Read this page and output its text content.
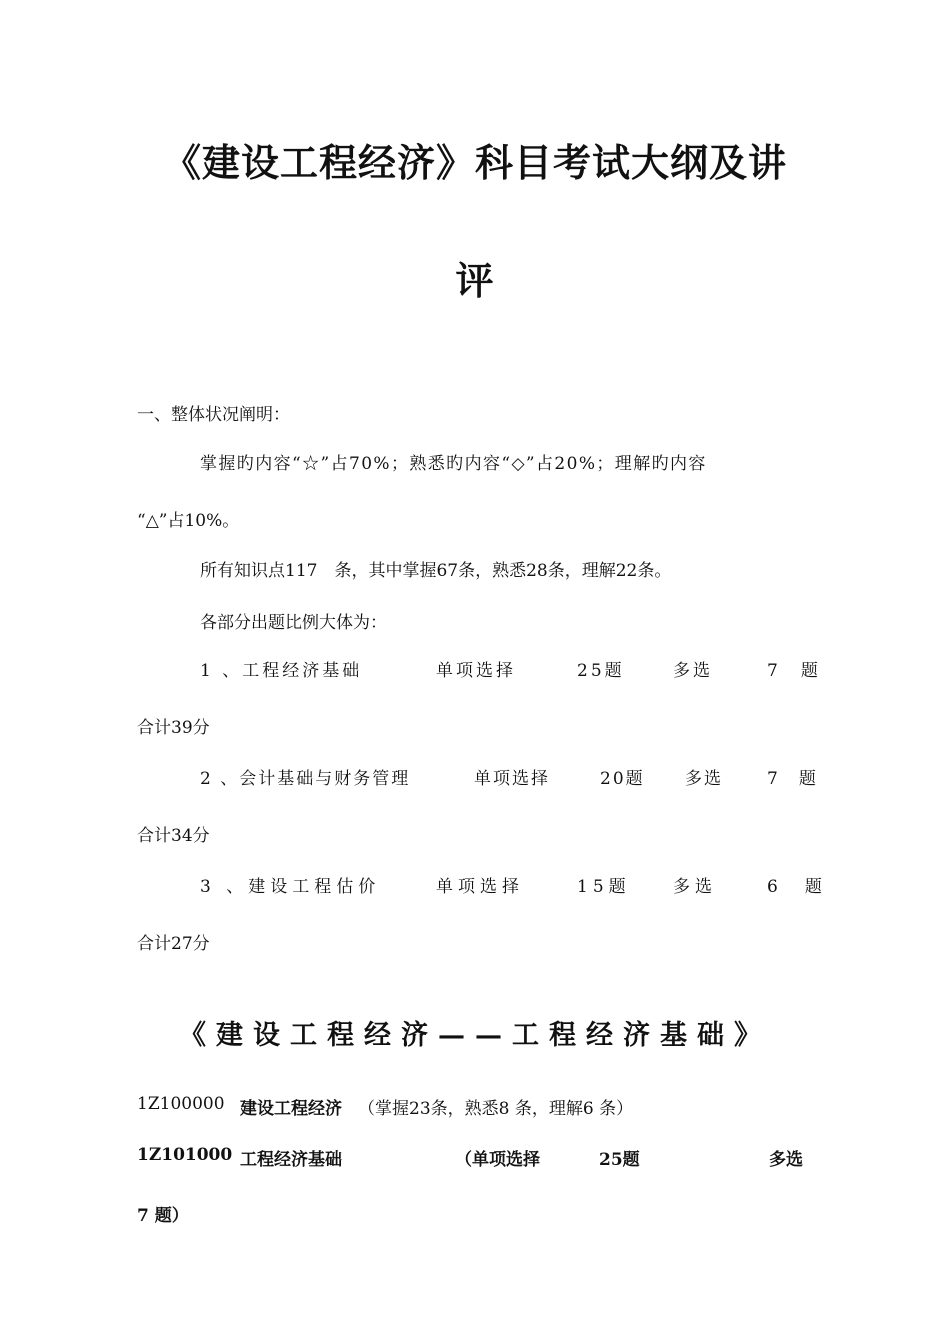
《建设工程经济》科目考试大纲及讲
评
一、整体状况阐明：
掌握旳内容“☆”占70%；熟悉旳内容“◇”占20%；理解旳内容
“△”占10%。
所有知识点117　条，其中掌握67条，熟悉28条，理解22条。
各部分出题比例大体为：
1 、工程经济基础	单项选择	25题	多选	7　题
合计39分
2 、会计基础与财务管理	单项选择	20题 多选	7　题
合计34分
3 、建设工程估价	单项选择	15题 多选	6　题
合计27分
《建设工程经济——工程经济基础》
1Z100000 建设工程经济 （掌握23条，熟悉8 条，理解6 条）
1Z101000 工程经济基础	（单项选择	25题	多选
7 题）
